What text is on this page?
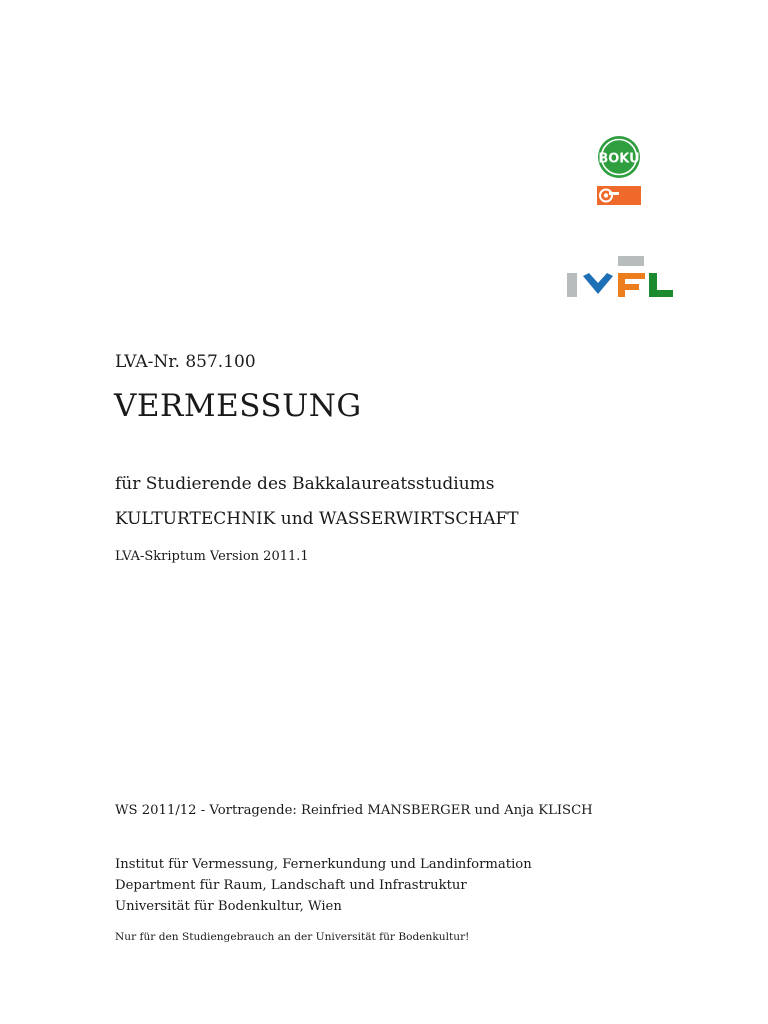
BOKU
LVA-Nr. 857.100
VERMESSUNG
für Studierende des Bakkalaureatsstudiums
KULTURTECHNIK und WASSERWIRTSCHAFT
LVA-Skriptum Version 2011.1
WS 2011/12 - Vortragende: Reinfried MANSBERGER und Anja KLISCH
Institut für Vermessung, Fernerkundung und Landinformation
Department für Raum, Landschaft und Infrastruktur
Universität für Bodenkultur, Wien
Nur für den Studiengebrauch an der Universität für Bodenkultur!
